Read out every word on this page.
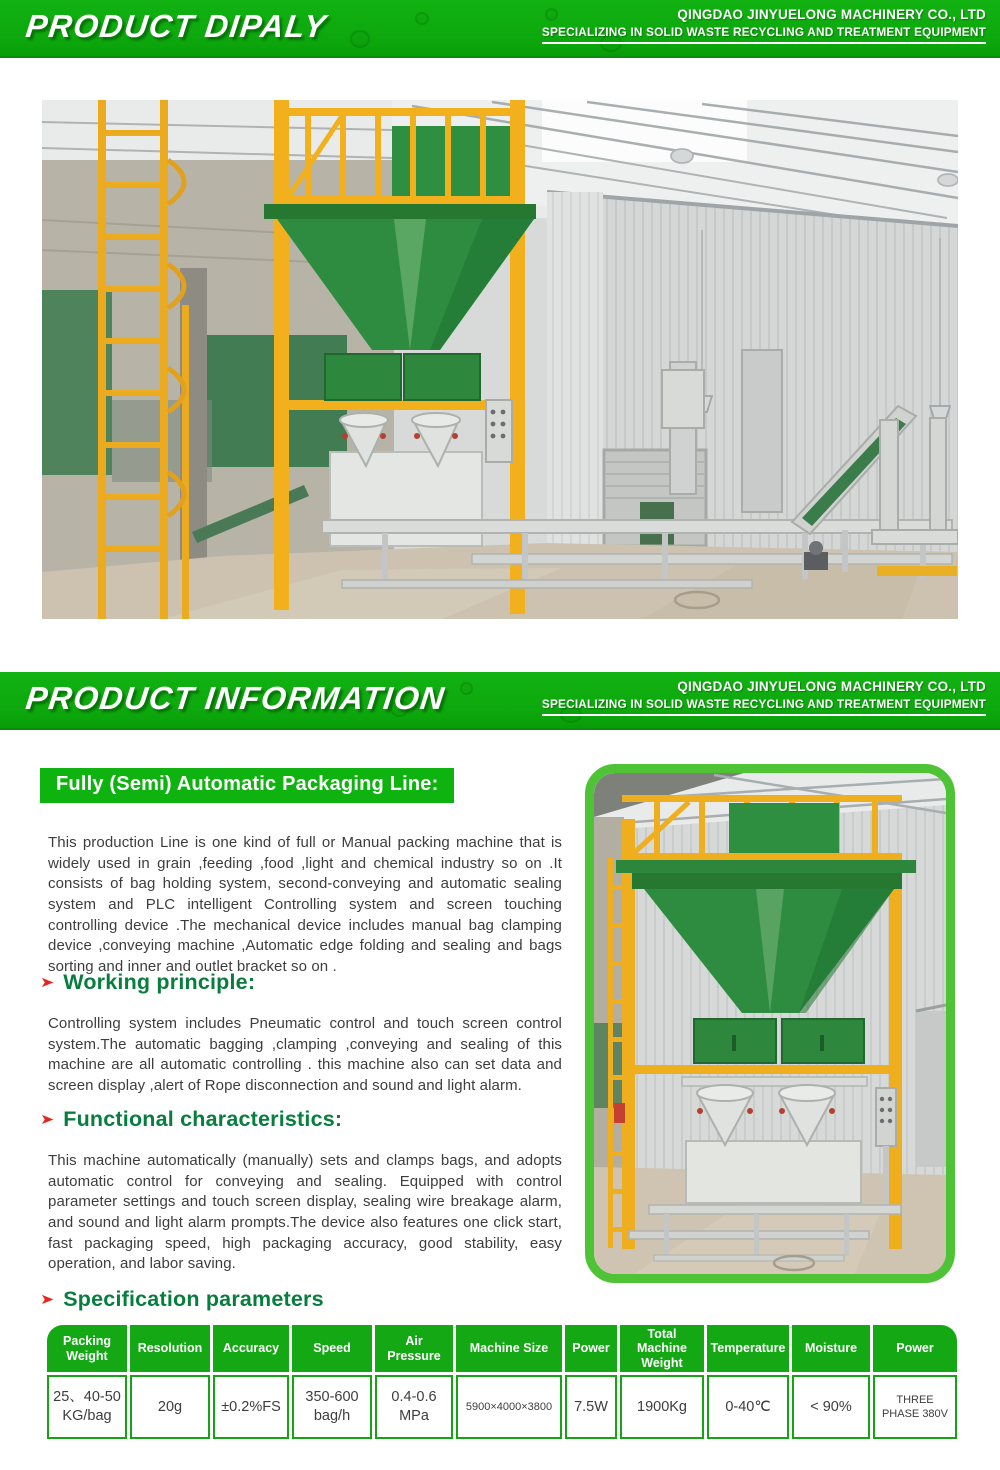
PRODUCT DIPALY	QINGDAO JINYUELONG MACHINERY CO., LTD
SPECIALIZING IN SOLID WASTE RECYCLING AND TREATMENT EQUIPMENT
PRODUCT INFORMATION	QINGDAO JINYUELONG MACHINERY CO., LTD
SPECIALIZING IN SOLID WASTE RECYCLING AND TREATMENT EQUIPMENT
Fully (Semi) Automatic Packaging Line:

This production Line is one kind of full or Manual packing machine that is widely used in grain ,feeding ,food ,light and chemical industry so on .It consists of bag holding system, second-conveying and automatic sealing system and PLC intelligent Controlling system and screen touching controlling device .The mechanical device includes manual bag clamping device ,conveying machine ,Automatic edge folding and sealing and bags sorting and inner and outlet bracket so on .

➤ Working principle:

Controlling system includes Pneumatic control and touch screen control system.The automatic bagging ,clamping ,conveying and sealing of this machine are all automatic controlling . this machine also can set data and screen display ,alert of Rope disconnection and sound and light alarm.

➤ Functional characteristics:

This machine automatically (manually) sets and clamps bags, and adopts automatic control for conveying and sealing. Equipped with control parameter settings and touch screen display, sealing wire breakage alarm, and sound and light alarm prompts.The device also features one click start, fast packaging speed, high packaging accuracy, good stability, easy operation, and labor saving.

➤ Specification parameters
Packing Weight	Resolution	Accuracy	Speed	Air Pressure	Machine Size	Power	Total Machine Weight	Temperature	Moisture	Power
25、40-50 KG/bag	20g	±0.2%FS	350-600 bag/h	0.4-0.6 MPa	5900×4000×3800	7.5W	1900Kg	0-40℃	< 90%	THREE PHASE 380V
